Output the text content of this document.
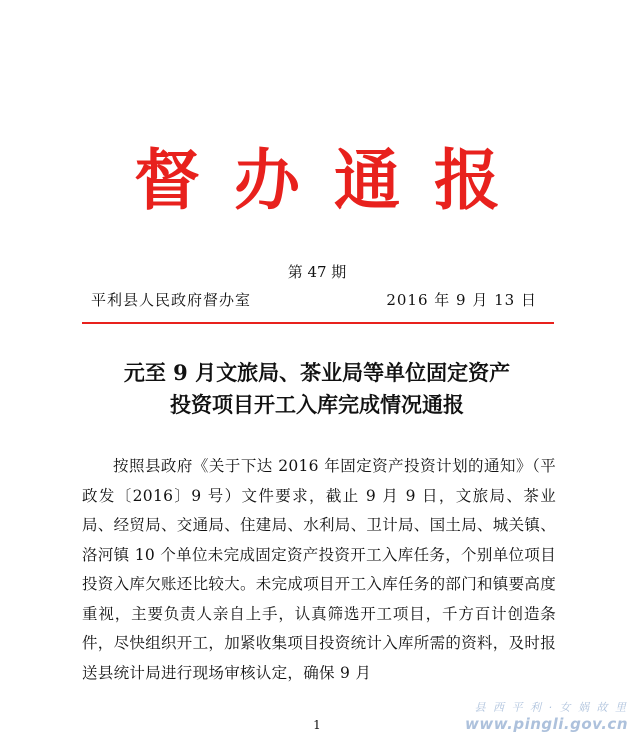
督办通报
第 47 期
平利县人民政府督办室	2016 年 9 月 13 日
元至 9 月文旅局、茶业局等单位固定资产
投资项目开工入库完成情况通报
按照县政府《关于下达 2016 年固定资产投资计划的通知》（平政发〔2016〕9 号）文件要求，截止 9 月 9 日，文旅局、茶业局、经贸局、交通局、住建局、水利局、卫计局、国土局、城关镇、洛河镇 10 个单位未完成固定资产投资开工入库任务，个别单位项目投资入库欠账还比较大。未完成项目开工入库任务的部门和镇要高度重视，主要负责人亲自上手，认真筛选开工项目，千方百计创造条件，尽快组织开工，加紧收集项目投资统计入库所需的资料，及时报送县统计局进行现场审核认定，确保 9 月
1
县 西 平 利 · 女 娲 故 里
www.pingli.gov.cn
